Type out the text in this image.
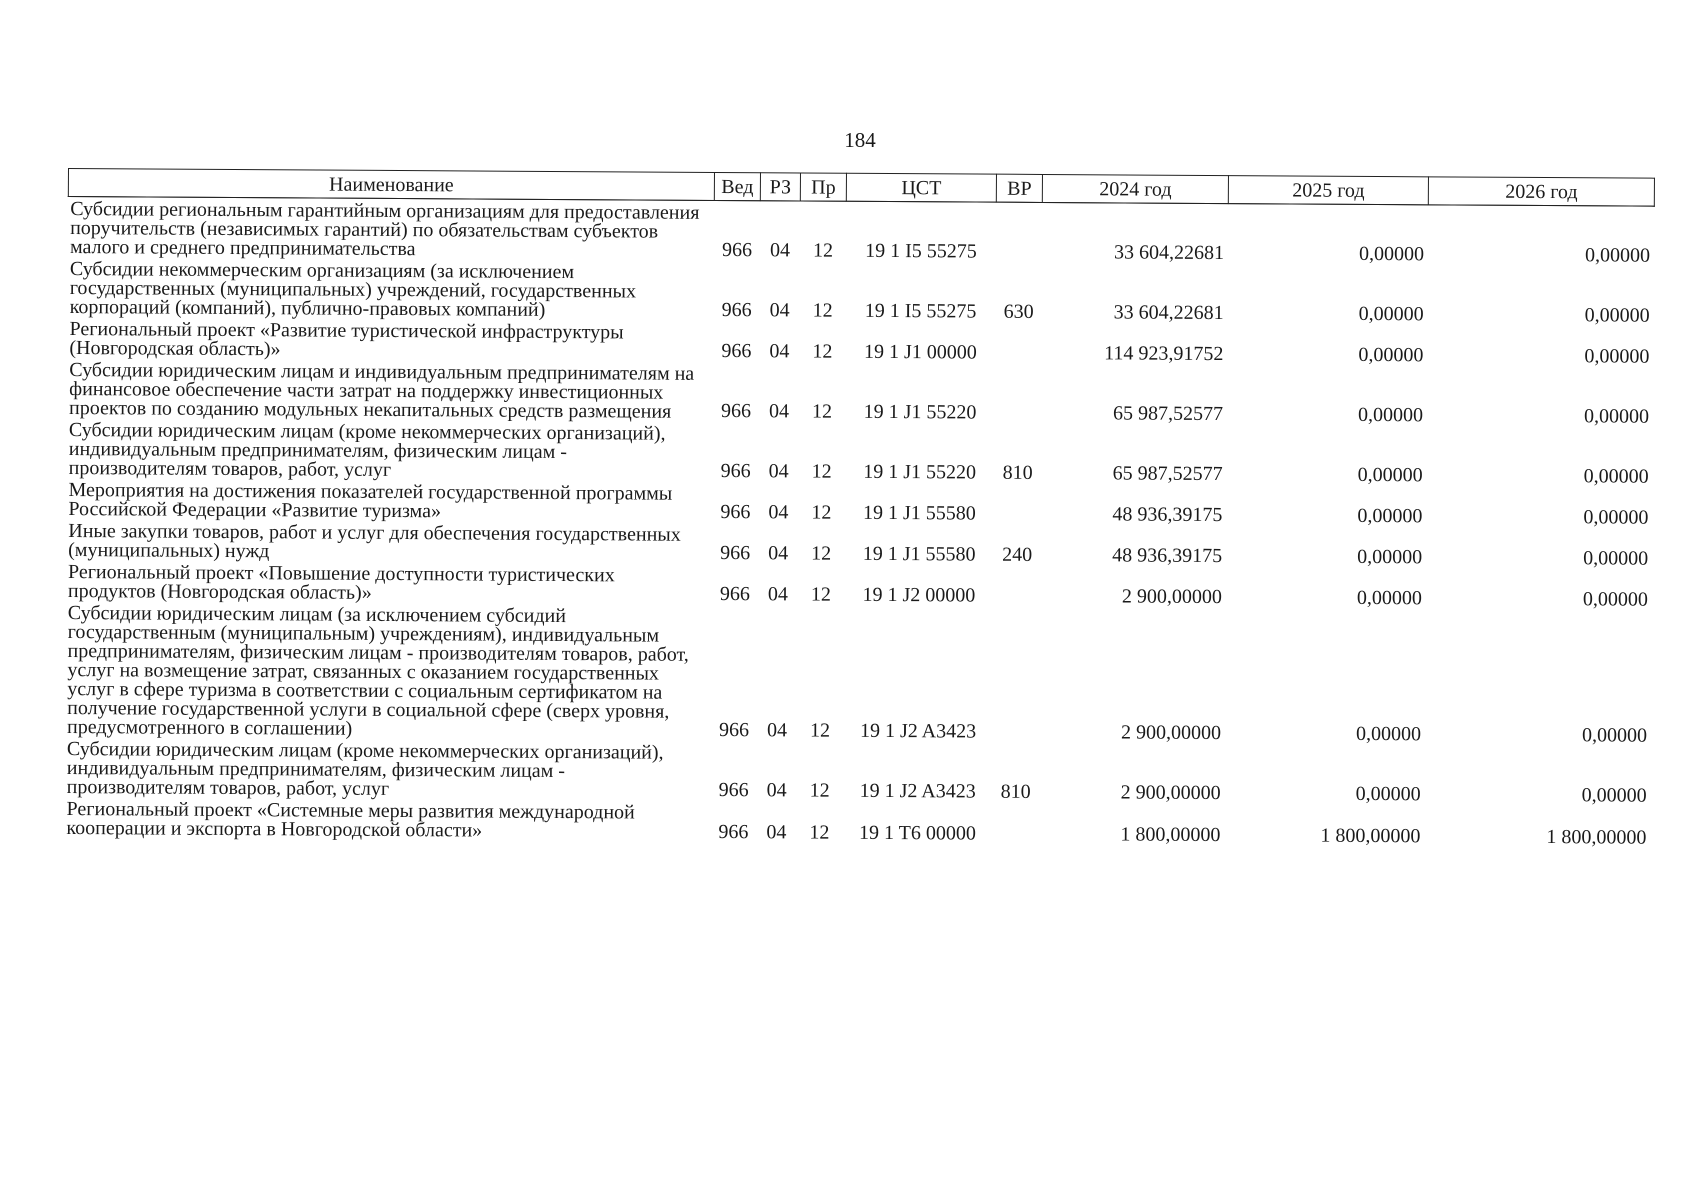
184
Наименование	Вед	РЗ	Пр	ЦСТ	ВР	2024 год	2025 год	2026 год
Субсидии региональным гарантийным организациям для предоставления поручительств (независимых гарантий) по обязательствам субъектов малого и среднего предпринимательства	966	04	12	19 1 I5 55275		33 604,22681	0,00000	0,00000
Субсидии некоммерческим организациям (за исключением государственных (муниципальных) учреждений, государственных корпораций (компаний), публично-правовых компаний)	966	04	12	19 1 I5 55275	630	33 604,22681	0,00000	0,00000
Региональный проект «Развитие туристической инфраструктуры (Новгородская область)»	966	04	12	19 1 J1 00000		114 923,91752	0,00000	0,00000
Субсидии юридическим лицам и индивидуальным предпринимателям на финансовое обеспечение части затрат на поддержку инвестиционных проектов по созданию модульных некапитальных средств размещения	966	04	12	19 1 J1 55220		65 987,52577	0,00000	0,00000
Субсидии юридическим лицам (кроме некоммерческих организаций), индивидуальным предпринимателям, физическим лицам - производителям товаров, работ, услуг	966	04	12	19 1 J1 55220	810	65 987,52577	0,00000	0,00000
Мероприятия на достижения показателей государственной программы Российской Федерации «Развитие туризма»	966	04	12	19 1 J1 55580		48 936,39175	0,00000	0,00000
Иные закупки товаров, работ и услуг для обеспечения государственных (муниципальных) нужд	966	04	12	19 1 J1 55580	240	48 936,39175	0,00000	0,00000
Региональный проект «Повышение доступности туристических продуктов (Новгородская область)»	966	04	12	19 1 J2 00000		2 900,00000	0,00000	0,00000
Субсидии юридическим лицам (за исключением субсидий государственным (муниципальным) учреждениям), индивидуальным предпринимателям, физическим лицам - производителям товаров, работ, услуг на возмещение затрат, связанных с оказанием государственных услуг в сфере туризма в соответствии с социальным сертификатом на получение государственной услуги в социальной сфере (сверх уровня, предусмотренного в соглашении)	966	04	12	19 1 J2 A3423		2 900,00000	0,00000	0,00000
Субсидии юридическим лицам (кроме некоммерческих организаций), индивидуальным предпринимателям, физическим лицам - производителям товаров, работ, услуг	966	04	12	19 1 J2 A3423	810	2 900,00000	0,00000	0,00000
Региональный проект «Системные меры развития международной кооперации и экспорта в Новгородской области»	966	04	12	19 1 T6 00000		1 800,00000	1 800,00000	1 800,00000
